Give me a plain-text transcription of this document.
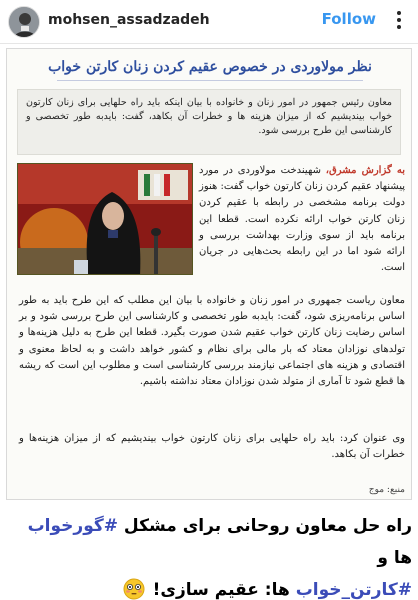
mohsen_assadzadeh	Follow
نظر مولاوردی در خصوص عقیم کردن زنان کارتن خواب
معاون رئیس جمهور در امور زنان و خانواده با بیان اینکه باید راه حلهایی برای زنان کارتون خواب بیندیشیم که از میزان هزینه ها و خطرات آن بکاهد، گفت: بایدبه طور تخصصی و کارشناسی این طرح بررسی شود.
به گزارش مشرق، شهیندخت مولاوردی در مورد پیشنهاد عقیم کردن زنان کارتون خواب گفت: هنوز دولت برنامه مشخصی در رابطه با عقیم کردن زنان کارتن خواب ارائه نکرده است. قطعا این برنامه باید از سوی وزارت بهداشت بررسی و ارائه شود اما در این رابطه بحث‌هایی در جریان است.
معاون ریاست جمهوری در امور زنان و خانواده با بیان این مطلب که این طرح باید به طور اساس برنامه‌ریزی شود، گفت: بایدبه طور تخصصی و کارشناسی این طرح بررسی شود و بر اساس رضایت زنان کارتن خواب عقیم شدن صورت بگیرد. قطعا این طرح به دلیل هزینه‌ها و تولدهای نوزادان معتاد که بار مالی برای نظام و کشور خواهد داشت و به لحاظ معنوی و اقتصادی و هزینه های اجتماعی نیازمند بررسی کارشناسی است و مطلوب این است که ریشه ها قطع شود تا آماری از متولد شدن نوزادان معتاد نداشته باشیم.
وی عنوان کرد: باید راه حلهایی برای زنان کارتون خواب بیندیشیم که از میزان هزینه‌ها و خطرات آن بکاهد.
منبع: موج
راه حل معاون روحانی برای مشکل #گورخواب ها و
#کارتن_خواب ها: عقیم سازی!
